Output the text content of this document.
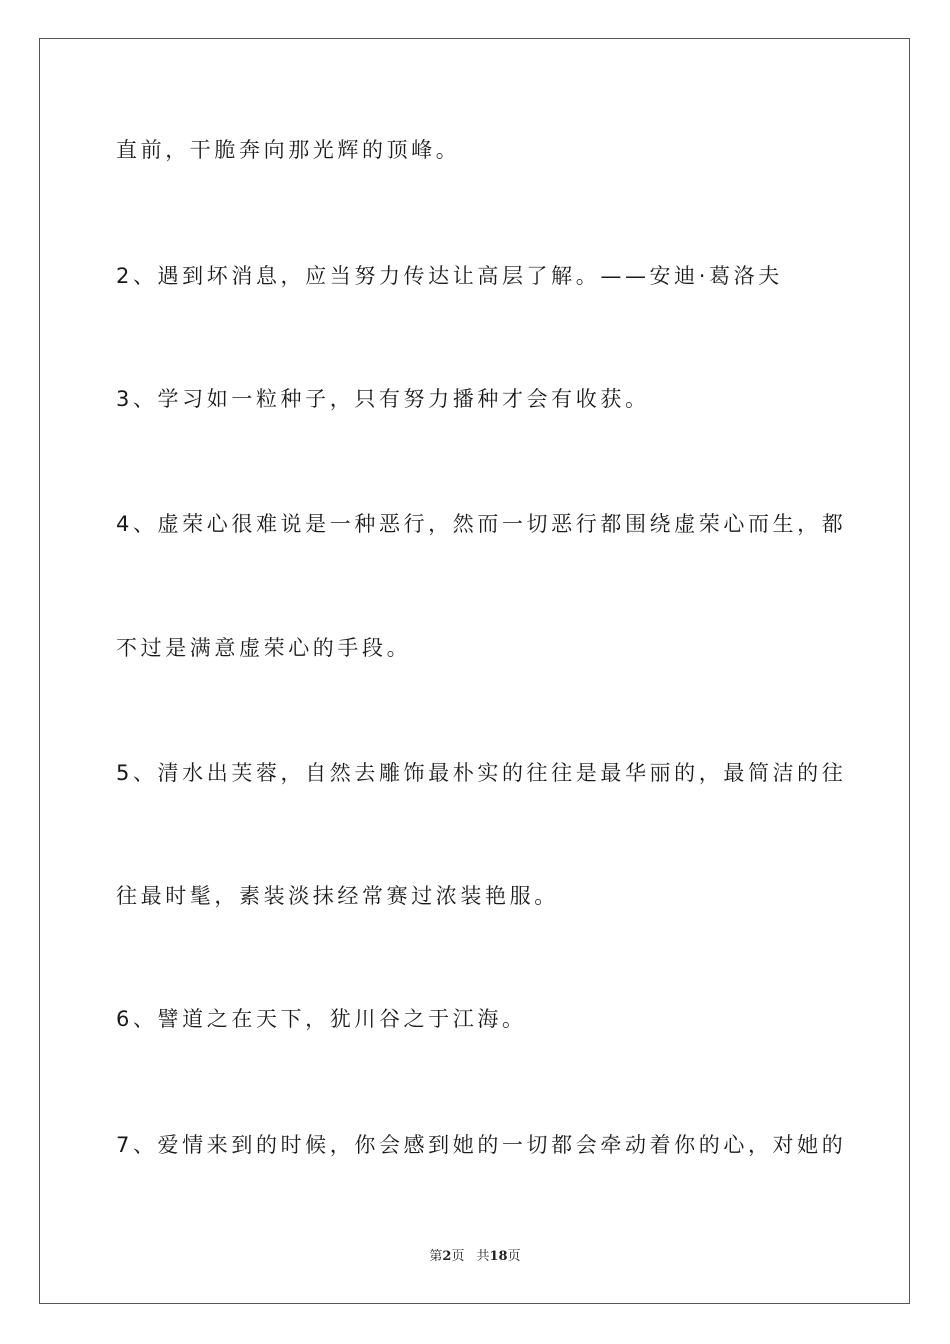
直前，干脆奔向那光辉的顶峰。
2、遇到坏消息，应当努力传达让高层了解。——安迪·葛洛夫
3、学习如一粒种子，只有努力播种才会有收获。
4、虚荣心很难说是一种恶行，然而一切恶行都围绕虚荣心而生，都
不过是满意虚荣心的手段。
5、清水出芙蓉，自然去雕饰最朴实的往往是最华丽的，最简洁的往
往最时髦，素装淡抹经常赛过浓装艳服。
6、譬道之在天下，犹川谷之于江海。
7、爱情来到的时候，你会感到她的一切都会牵动着你的心，对她的
第2页 共18页
